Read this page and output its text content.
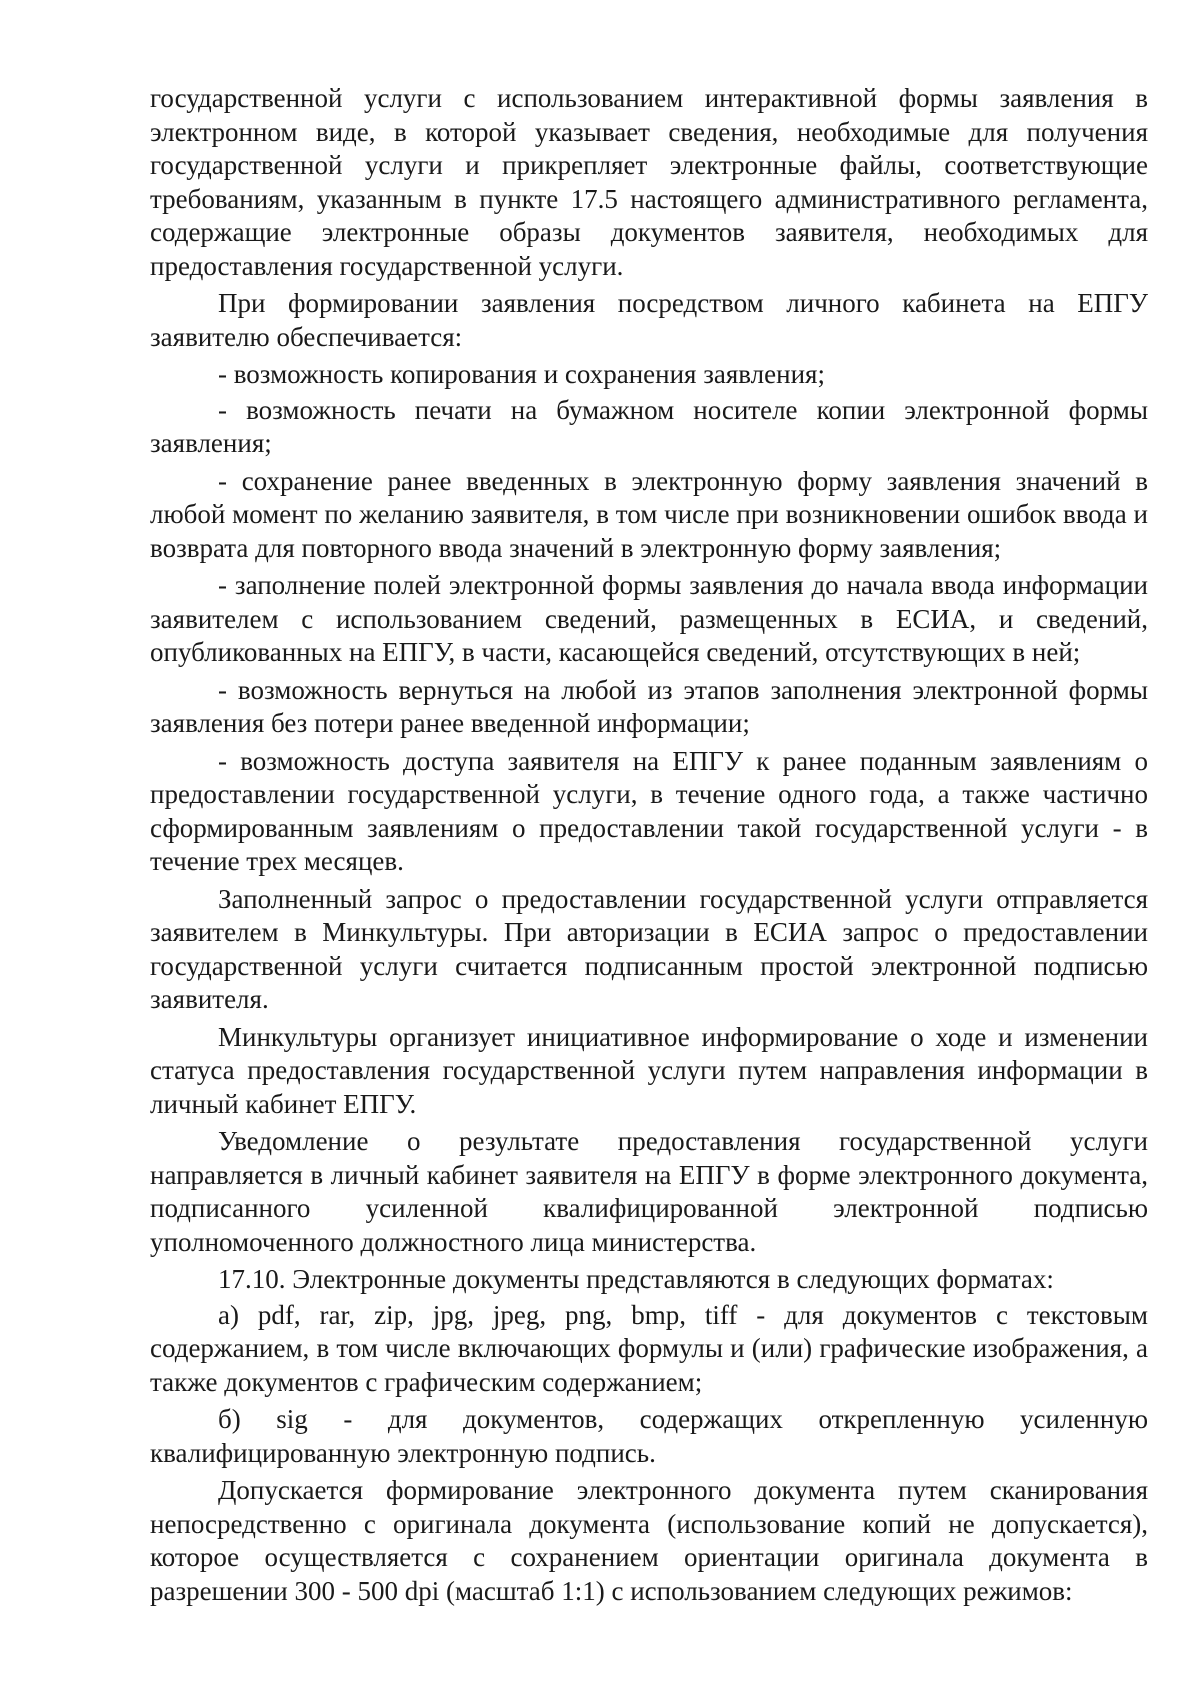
государственной услуги с использованием интерактивной формы заявления в электронном виде, в которой указывает сведения, необходимые для получения государственной услуги и прикрепляет электронные файлы, соответствующие требованиям, указанным в пункте 17.5 настоящего административного регламента, содержащие электронные образы документов заявителя, необходимых для предоставления государственной услуги.

При формировании заявления посредством личного кабинета на ЕПГУ заявителю обеспечивается:

- возможность копирования и сохранения заявления;

- возможность печати на бумажном носителе копии электронной формы заявления;

- сохранение ранее введенных в электронную форму заявления значений в любой момент по желанию заявителя, в том числе при возникновении ошибок ввода и возврата для повторного ввода значений в электронную форму заявления;

- заполнение полей электронной формы заявления до начала ввода информации заявителем с использованием сведений, размещенных в ЕСИА, и сведений, опубликованных на ЕПГУ, в части, касающейся сведений, отсутствующих в ней;

- возможность вернуться на любой из этапов заполнения электронной формы заявления без потери ранее введенной информации;

- возможность доступа заявителя на ЕПГУ к ранее поданным заявлениям о предоставлении государственной услуги, в течение одного года, а также частично сформированным заявлениям о предоставлении такой государственной услуги - в течение трех месяцев.

Заполненный запрос о предоставлении государственной услуги отправляется заявителем в Минкультуры. При авторизации в ЕСИА запрос о предоставлении государственной услуги считается подписанным простой электронной подписью заявителя.

Минкультуры организует инициативное информирование о ходе и изменении статуса предоставления государственной услуги путем направления информации в личный кабинет ЕПГУ.

Уведомление о результате предоставления государственной услуги направляется в личный кабинет заявителя на ЕПГУ в форме электронного документа, подписанного усиленной квалифицированной электронной подписью уполномоченного должностного лица министерства.

17.10. Электронные документы представляются в следующих форматах:

а) pdf, rar, zip, jpg, jpeg, png, bmp, tiff - для документов с текстовым содержанием, в том числе включающих формулы и (или) графические изображения, а также документов с графическим содержанием;

б) sig - для документов, содержащих открепленную усиленную квалифицированную электронную подпись.

Допускается формирование электронного документа путем сканирования непосредственно с оригинала документа (использование копий не допускается), которое осуществляется с сохранением ориентации оригинала документа в разрешении 300 - 500 dpi (масштаб 1:1) с использованием следующих режимов:
